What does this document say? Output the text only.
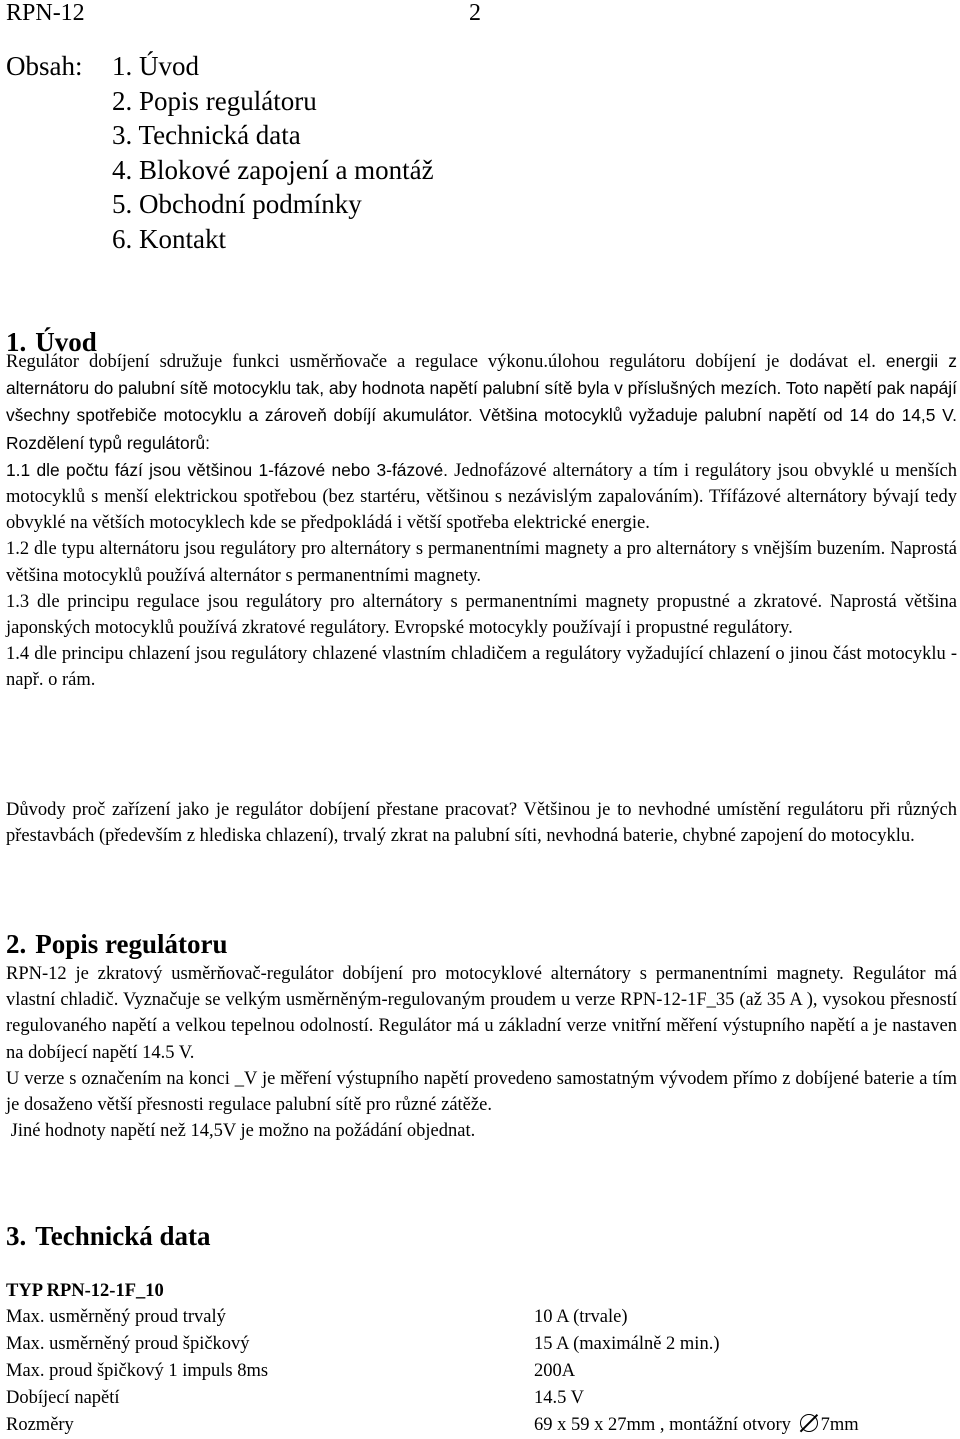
RPN-12	2
Obsah: 1. Úvod
2. Popis regulátoru
3. Technická data
4. Blokové zapojení a montáž
5. Obchodní podmínky
6. Kontakt
1. Úvod

Regulátor dobíjení sdružuje funkci usměrňovače a regulace výkonu.úlohou regulátoru dobíjení je dodávat el. energii z alternátoru do palubní sítě motocyklu tak, aby hodnota napětí palubní sítě byla v příslušných mezích. Toto napětí pak napájí všechny spotřebiče motocyklu a zároveň dobíjí akumulátor. Většina motocyklů vyžaduje palubní napětí od 14 do 14,5 V. Rozdělení typů regulátorů:

1.1 dle počtu fází jsou většinou 1-fázové nebo 3-fázové. Jednofázové alternátory a tím i regulátory jsou obvyklé u menších motocyklů s menší elektrickou spotřebou (bez startéru, většinou s nezávislým zapalováním). Třífázové alternátory bývají tedy obvyklé na větších motocyklech kde se předpokládá i větší spotřeba elektrické energie.

1.2 dle typu alternátoru jsou regulátory pro alternátory s permanentními magnety a pro alternátory s vnějším buzením. Naprostá většina motocyklů používá alternátor s permanentními magnety.

1.3 dle principu regulace jsou regulátory pro alternátory s permanentními magnety propustné a zkratové. Naprostá většina japonských motocyklů používá zkratové regulátory. Evropské motocykly používají i propustné regulátory.

1.4 dle principu chlazení jsou regulátory chlazené vlastním chladičem a regulátory vyžadující chlazení o jinou část motocyklu - např. o rám.

Důvody proč zařízení jako je regulátor dobíjení přestane pracovat? Většinou je to nevhodné umístění regulátoru při různých přestavbách (především z hlediska chlazení), trvalý zkrat na palubní síti, nevhodná baterie, chybné zapojení do motocyklu.

2. Popis regulátoru

RPN-12 je zkratový usměrňovač-regulátor dobíjení pro motocyklové alternátory s permanentními magnety. Regulátor má vlastní chladič. Vyznačuje se velkým usměrněným-regulovaným proudem u verze RPN-12-1F_35 (až 35 A ), vysokou přesností regulovaného napětí a velkou tepelnou odolností. Regulátor má u základní verze vnitřní měření výstupního napětí a je nastaven na dobíjecí napětí 14.5 V.

U verze s označením na konci _V je měření výstupního napětí provedeno samostatným vývodem přímo z dobíjené baterie a tím je dosaženo větší přesnosti regulace palubní sítě pro různé zátěže.

Jiné hodnoty napětí než 14,5V je možno na požádání objednat.

3. Technická data
TYP RPN-12-1F_10
Max. usměrněný proud trvalý	10 A (trvale)
Max. usměrněný proud špičkový	15 A (maximálně 2 min.)
Max. proud špičkový 1 impuls 8ms	200A
Dobíjecí napětí	14.5 V
Rozměry	69 x 59 x 27mm , montážní otvory 7mm
